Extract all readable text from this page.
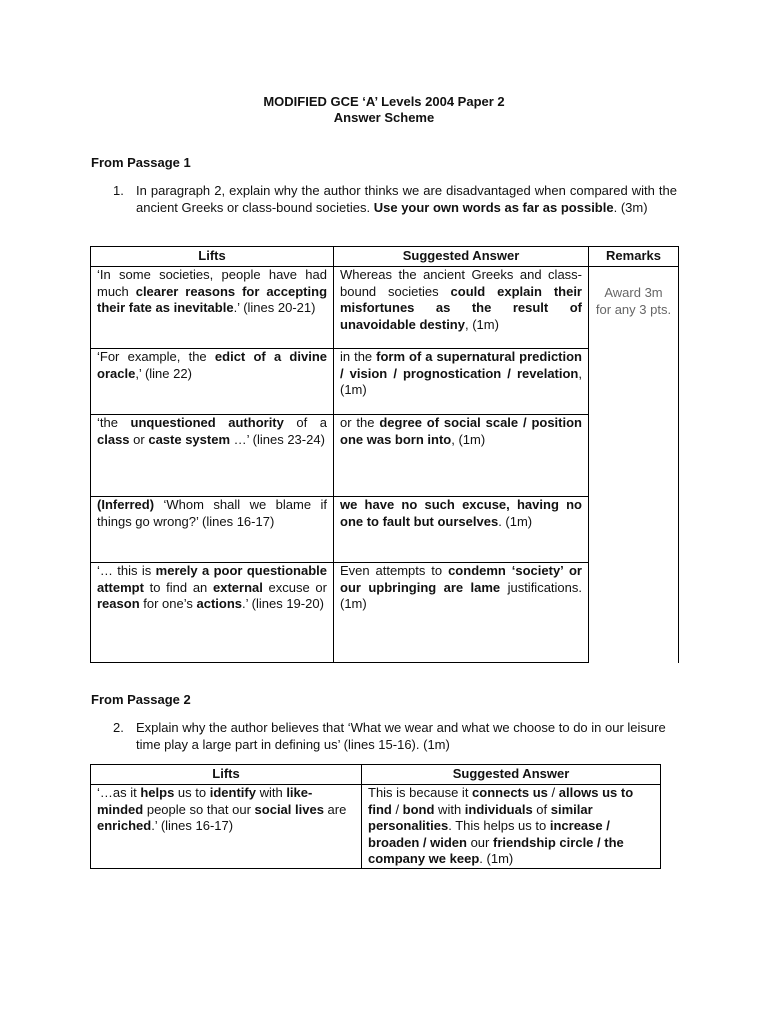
MODIFIED GCE ‘A’ Levels 2004 Paper 2
Answer Scheme
From Passage 1
1. In paragraph 2, explain why the author thinks we are disadvantaged when compared with the ancient Greeks or class-bound societies. Use your own words as far as possible. (3m)
Lifts	Suggested Answer	Remarks
‘In some societies, people have had much clearer reasons for accepting their fate as inevitable.’ (lines 20-21)	Whereas the ancient Greeks and class-bound societies could explain their misfortunes as the result of unavoidable destiny, (1m)	Award 3m for any 3 pts.
‘For example, the edict of a divine oracle,’ (line 22)	in the form of a supernatural prediction / vision / prognostication / revelation, (1m)	
‘the unquestioned authority of a class or caste system …’ (lines 23-24)	or the degree of social scale / position one was born into, (1m)	
(Inferred) ‘Whom shall we blame if things go wrong?’ (lines 16-17)	we have no such excuse, having no one to fault but ourselves. (1m)	
‘… this is merely a poor questionable attempt to find an external excuse or reason for one’s actions.’ (lines 19-20)	Even attempts to condemn ‘society’ or our upbringing are lame justifications. (1m)	
From Passage 2
2. Explain why the author believes that ‘What we wear and what we choose to do in our leisure time play a large part in defining us’ (lines 15-16). (1m)
Lifts	Suggested Answer
‘…as it helps us to identify with like-minded people so that our social lives are enriched.’ (lines 16-17)	This is because it connects us / allows us to find / bond with individuals of similar personalities. This helps us to increase / broaden / widen our friendship circle / the company we keep. (1m)
